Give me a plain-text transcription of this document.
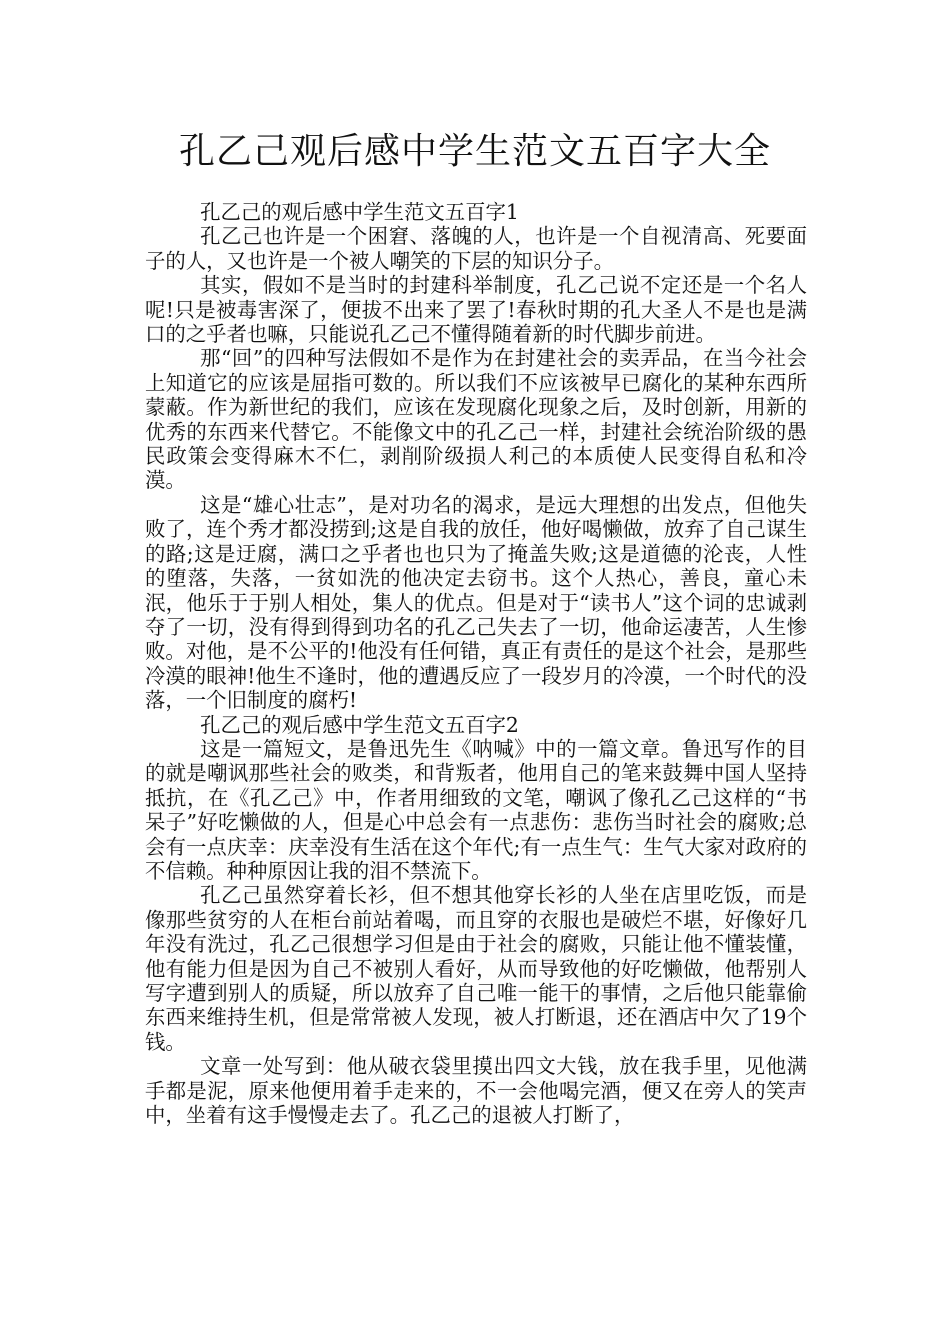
孔乙己观后感中学生范文五百字大全

孔乙己的观后感中学生范文五百字1

孔乙己也许是一个困窘、落魄的人，也许是一个自视清高、死要面子的人，又也许是一个被人嘲笑的下层的知识分子。

其实，假如不是当时的封建科举制度，孔乙己说不定还是一个名人呢!只是被毒害深了，便拔不出来了罢了!春秋时期的孔大圣人不是也是满口的之乎者也嘛，只能说孔乙己不懂得随着新的时代脚步前进。

那“回”的四种写法假如不是作为在封建社会的卖弄品，在当今社会上知道它的应该是屈指可数的。所以我们不应该被早已腐化的某种东西所蒙蔽。作为新世纪的我们，应该在发现腐化现象之后，及时创新，用新的优秀的东西来代替它。不能像文中的孔乙己一样，封建社会统治阶级的愚民政策会变得麻木不仁，剥削阶级损人利己的本质使人民变得自私和冷漠。

这是“雄心壮志”，是对功名的渴求，是远大理想的出发点，但他失败了，连个秀才都没捞到;这是自我的放任，他好喝懒做，放弃了自己谋生的路;这是迂腐，满口之乎者也也只为了掩盖失败;这是道德的沦丧，人性的堕落，失落，一贫如洗的他决定去窃书。这个人热心，善良，童心未泯，他乐于于别人相处，集人的优点。但是对于“读书人”这个词的忠诚剥夺了一切，没有得到得到功名的孔乙己失去了一切，他命运凄苦，人生惨败。对他，是不公平的!他没有任何错，真正有责任的是这个社会，是那些冷漠的眼神!他生不逢时，他的遭遇反应了一段岁月的冷漠，一个时代的没落，一个旧制度的腐朽!

孔乙己的观后感中学生范文五百字2

这是一篇短文，是鲁迅先生《呐喊》中的一篇文章。鲁迅写作的目的就是嘲讽那些社会的败类，和背叛者，他用自己的笔来鼓舞中国人坚持抵抗，在《孔乙己》中，作者用细致的文笔，嘲讽了像孔乙己这样的“书呆子”好吃懒做的人，但是心中总会有一点悲伤：悲伤当时社会的腐败;总会有一点庆幸：庆幸没有生活在这个年代;有一点生气：生气大家对政府的不信赖。种种原因让我的泪不禁流下。

孔乙己虽然穿着长衫，但不想其他穿长衫的人坐在店里吃饭，而是像那些贫穷的人在柜台前站着喝，而且穿的衣服也是破烂不堪，好像好几年没有洗过，孔乙己很想学习但是由于社会的腐败，只能让他不懂装懂，他有能力但是因为自己不被别人看好，从而导致他的好吃懒做，他帮别人写字遭到别人的质疑，所以放弃了自己唯一能干的事情，之后他只能靠偷东西来维持生机，但是常常被人发现，被人打断退，还在酒店中欠了19个钱。

文章一处写到：他从破衣袋里摸出四文大钱，放在我手里，见他满手都是泥，原来他便用着手走来的，不一会他喝完酒，便又在旁人的笑声中，坐着有这手慢慢走去了。孔乙己的退被人打断了，
